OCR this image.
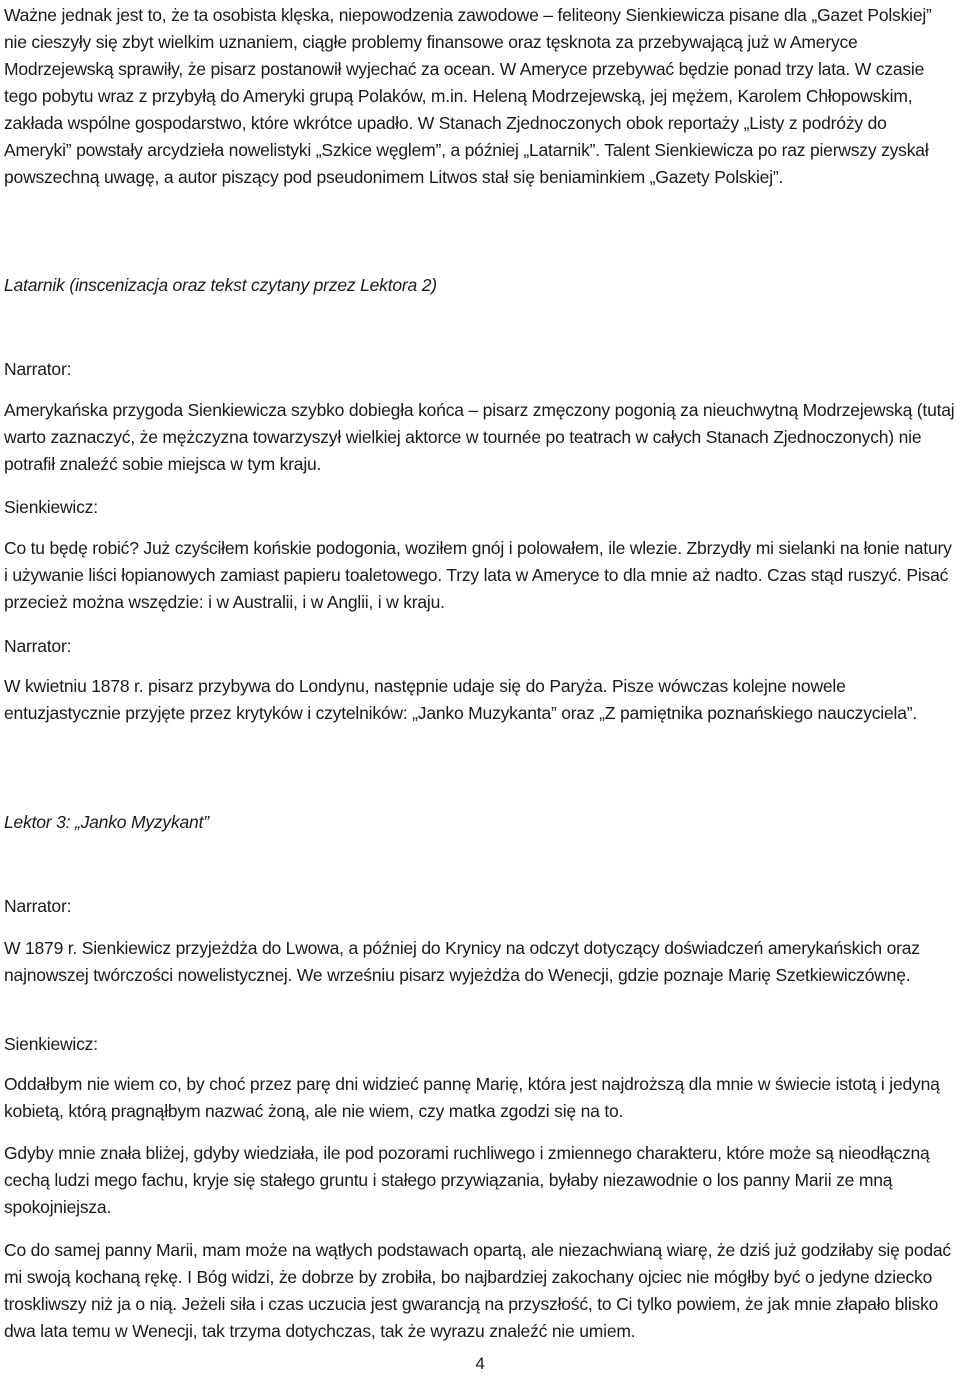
Ważne jednak jest to, że ta osobista klęska, niepowodzenia zawodowe – feliteony Sienkiewicza pisane dla „Gazet Polskiej” nie cieszyły się zbyt wielkim uznaniem, ciągłe problemy finansowe oraz tęsknota za przebywającą już w Ameryce Modrzejewską sprawiły, że pisarz postanowił wyjechać za ocean. W Ameryce przebywać będzie ponad trzy lata. W czasie tego pobytu wraz z przybyłą do Ameryki grupą Polaków, m.in. Heleną Modrzejewską, jej mężem, Karolem Chłopowskim, zakłada wspólne gospodarstwo, które wkrótce upadło. W Stanach Zjednoczonych obok reportaży „Listy z podróży do Ameryki” powstały arcydzieła nowelistyki „Szkice węglem”, a później „Latarnik”. Talent Sienkiewicza po raz pierwszy zyskał powszechną uwagę, a autor piszący pod pseudonimem Litwos stał się beniaminkiem „Gazety Polskiej”.

Latarnik (inscenizacja oraz tekst czytany przez Lektora 2)

Narrator:

Amerykańska przygoda Sienkiewicza szybko dobiegła końca – pisarz zmęczony pogonią za nieuchwytną Modrzejewską (tutaj warto zaznaczyć, że mężczyzna towarzyszył wielkiej aktorce w tournée po teatrach w całych Stanach Zjednoczonych) nie potrafił znaleźć sobie miejsca w tym kraju.

Sienkiewicz:

Co tu będę robić? Już czyściłem końskie podogonia, woziłem gnój i polowałem, ile wlezie. Zbrzydły mi sielanki na łonie natury i używanie liści łopianowych zamiast papieru toaletowego. Trzy lata w Ameryce to dla mnie aż nadto. Czas stąd ruszyć. Pisać przecież można wszędzie: i w Australii, i w Anglii, i w kraju.

Narrator:

W kwietniu 1878 r. pisarz przybywa do Londynu, następnie udaje się do Paryża. Pisze wówczas kolejne nowele entuzjastycznie przyjęte przez krytyków i czytelników: „Janko Muzykanta” oraz „Z pamiętnika poznańskiego nauczyciela”.

Lektor 3: „Janko Myzykant”

Narrator:

W 1879 r. Sienkiewicz przyjeżdża do Lwowa, a później do Krynicy na odczyt dotyczący doświadczeń amerykańskich oraz najnowszej twórczości nowelistycznej. We wrześniu pisarz wyjeżdża do Wenecji, gdzie poznaje Marię Szetkiewiczównę.

Sienkiewicz:

Oddałbym nie wiem co, by choć przez parę dni widzieć pannę Marię, która jest najdroższą dla mnie w świecie istotą i jedyną kobietą, którą pragnąłbym nazwać żoną, ale nie wiem, czy matka zgodzi się na to.

Gdyby mnie znała bliżej, gdyby wiedziała, ile pod pozorami ruchliwego i zmiennego charakteru, które może są nieodłączną cechą ludzi mego fachu, kryje się stałego gruntu i stałego przywiązania, byłaby niezawodnie o los panny Marii ze mną spokojniejsza.

Co do samej panny Marii, mam może na wątłych podstawach opartą, ale niezachwianą wiarę, że dziś już godziłaby się podać mi swoją kochaną rękę. I Bóg widzi, że dobrze by zrobiła, bo najbardziej zakochany ojciec nie mógłby być o jedyne dziecko troskliwszy niż ja o nią. Jeżeli siła i czas uczucia jest gwarancją na przyszłość, to Ci tylko powiem, że jak mnie złapało blisko dwa lata temu w Wenecji, tak trzyma dotychczas, tak że wyrazu znaleźć nie umiem.

4
